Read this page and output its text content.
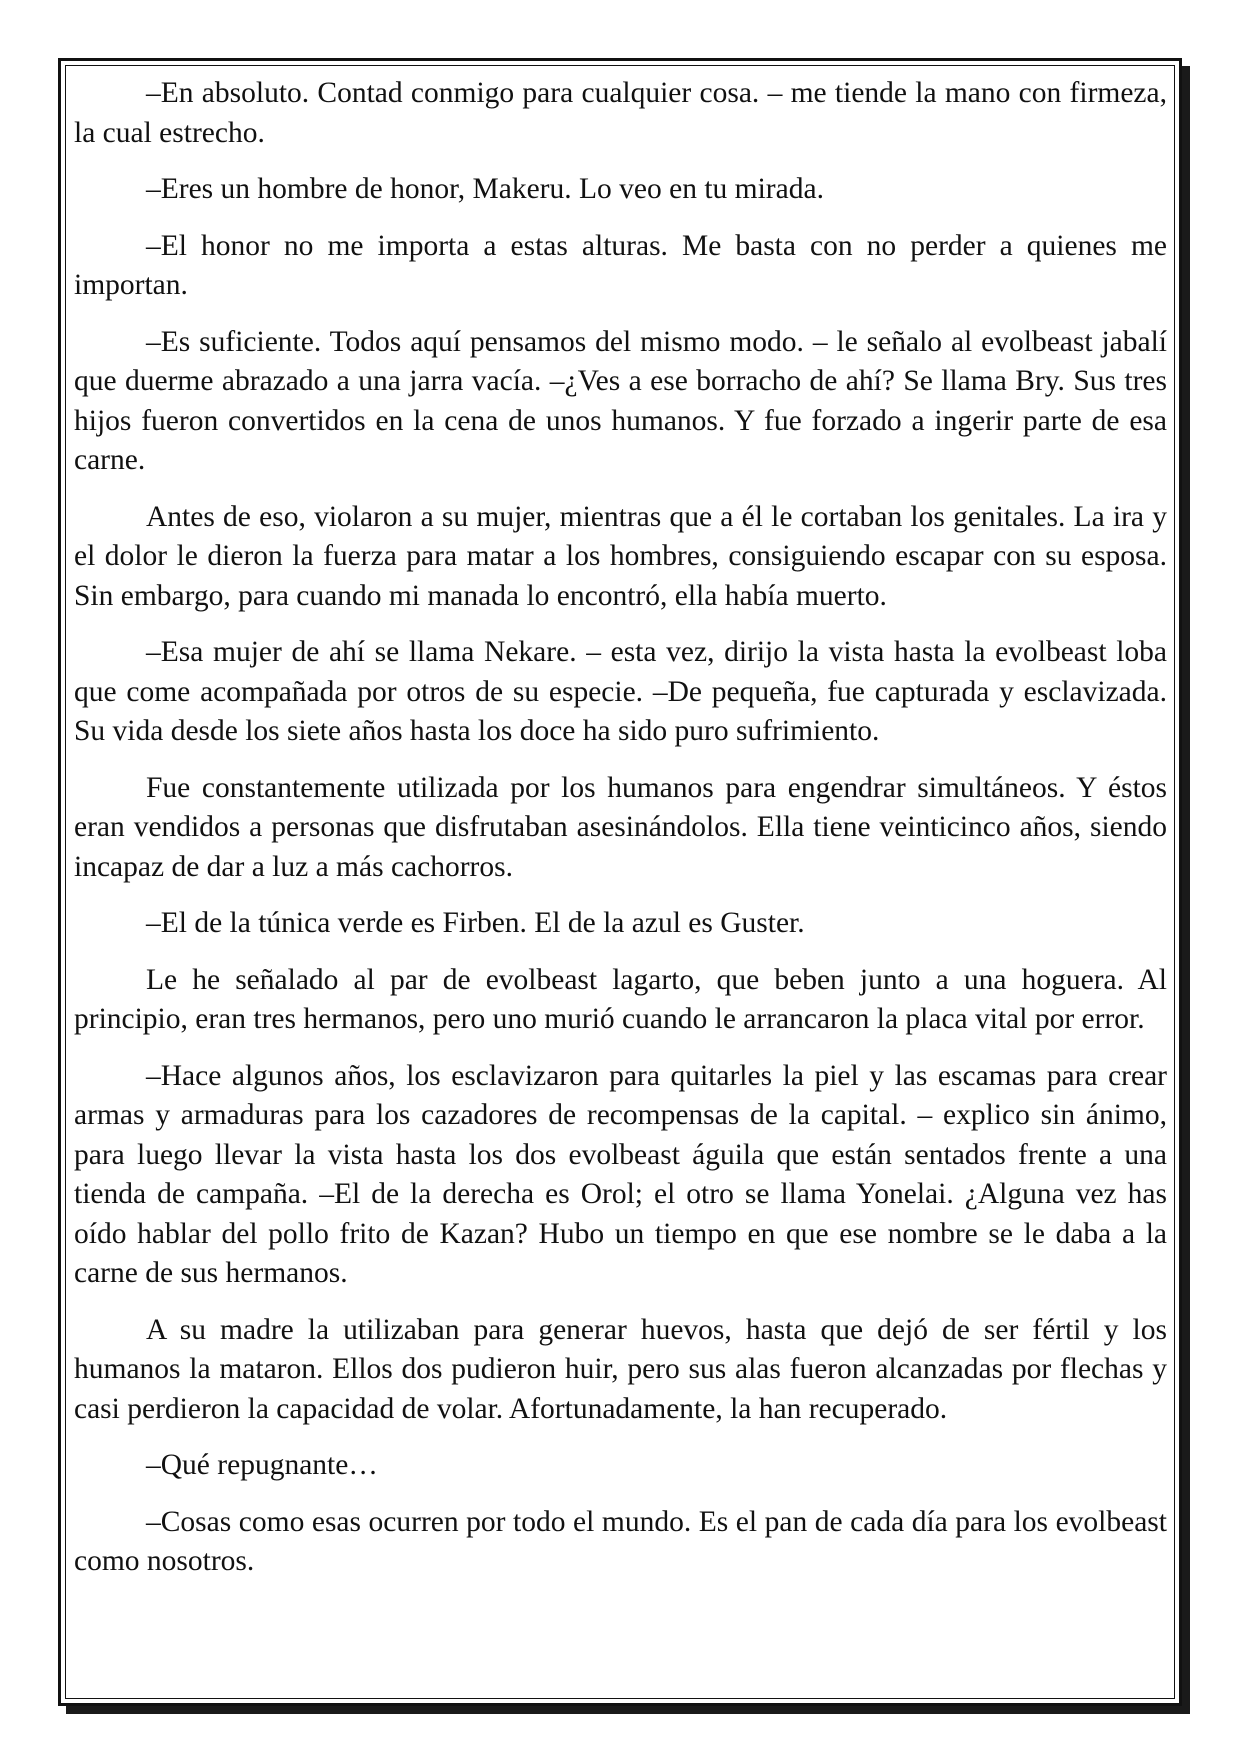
–En absoluto. Contad conmigo para cualquier cosa. – me tiende la mano con firmeza, la cual estrecho.

–Eres un hombre de honor, Makeru. Lo veo en tu mirada.

–El honor no me importa a estas alturas. Me basta con no perder a quienes me importan.

–Es suficiente. Todos aquí pensamos del mismo modo. – le señalo al evolbeast jabalí que duerme abrazado a una jarra vacía. –¿Ves a ese borracho de ahí? Se llama Bry. Sus tres hijos fueron convertidos en la cena de unos humanos. Y fue forzado a ingerir parte de esa carne.

Antes de eso, violaron a su mujer, mientras que a él le cortaban los genitales. La ira y el dolor le dieron la fuerza para matar a los hombres, consiguiendo escapar con su esposa. Sin embargo, para cuando mi manada lo encontró, ella había muerto.

–Esa mujer de ahí se llama Nekare. – esta vez, dirijo la vista hasta la evolbeast loba que come acompañada por otros de su especie. –De pequeña, fue capturada y esclavizada. Su vida desde los siete años hasta los doce ha sido puro sufrimiento.

Fue constantemente utilizada por los humanos para engendrar simultáneos. Y éstos eran vendidos a personas que disfrutaban asesinándolos. Ella tiene veinticinco años, siendo incapaz de dar a luz a más cachorros.

–El de la túnica verde es Firben. El de la azul es Guster.

Le he señalado al par de evolbeast lagarto, que beben junto a una hoguera. Al principio, eran tres hermanos, pero uno murió cuando le arrancaron la placa vital por error.

–Hace algunos años, los esclavizaron para quitarles la piel y las escamas para crear armas y armaduras para los cazadores de recompensas de la capital. – explico sin ánimo, para luego llevar la vista hasta los dos evolbeast águila que están sentados frente a una tienda de campaña. –El de la derecha es Orol; el otro se llama Yonelai. ¿Alguna vez has oído hablar del pollo frito de Kazan? Hubo un tiempo en que ese nombre se le daba a la carne de sus hermanos.

A su madre la utilizaban para generar huevos, hasta que dejó de ser fértil y los humanos la mataron. Ellos dos pudieron huir, pero sus alas fueron alcanzadas por flechas y casi perdieron la capacidad de volar. Afortunadamente, la han recuperado.

–Qué repugnante…

–Cosas como esas ocurren por todo el mundo. Es el pan de cada día para los evolbeast como nosotros.
